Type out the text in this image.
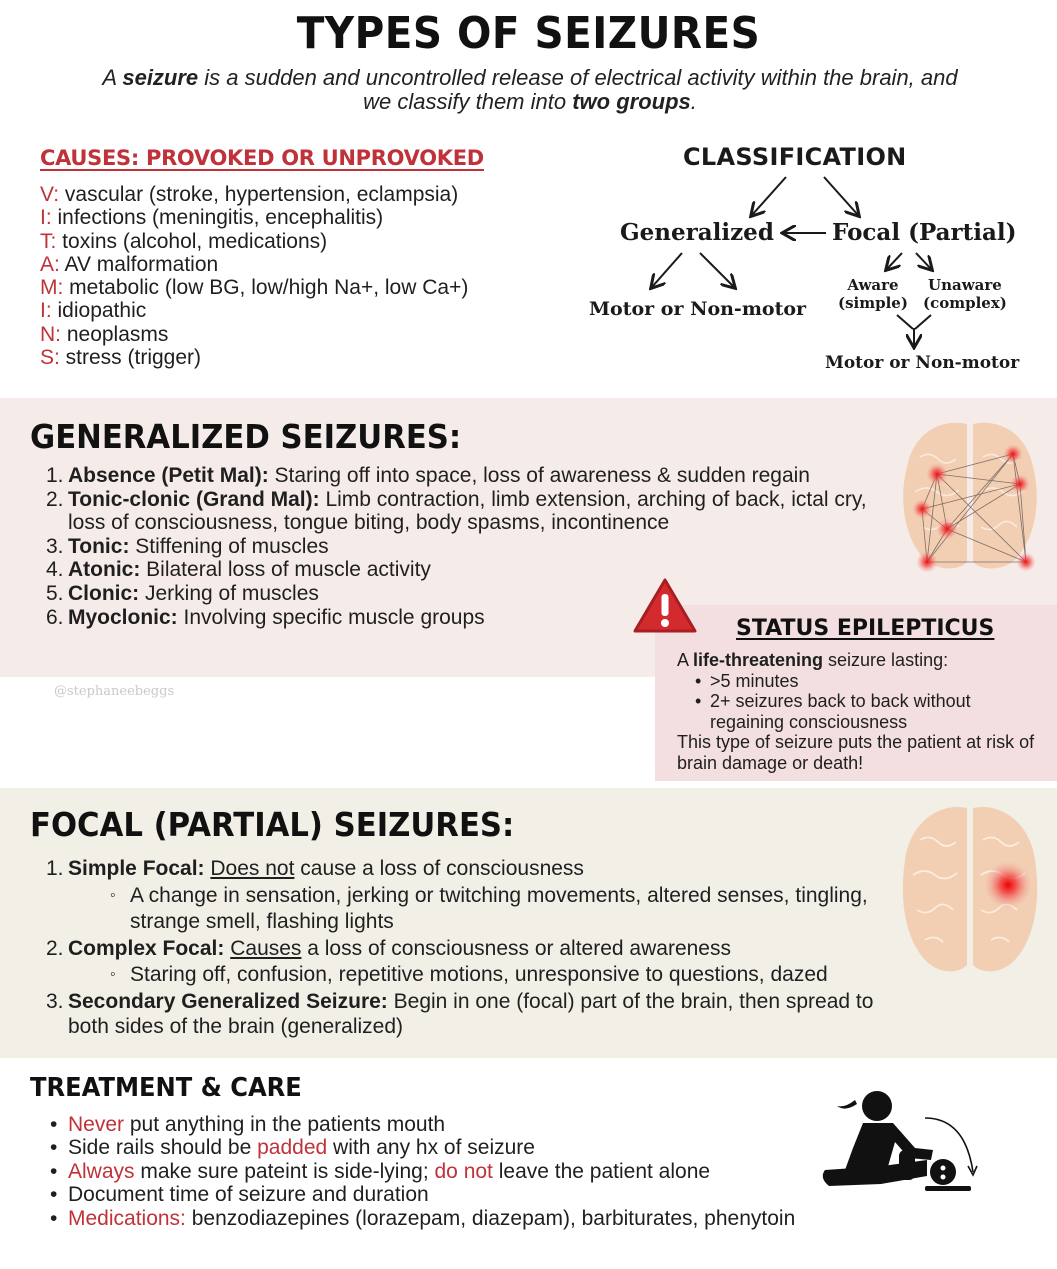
TYPES OF SEIZURES
A seizure is a sudden and uncontrolled release of electrical activity within the brain, and we classify them into two groups.
CAUSES: PROVOKED OR UNPROVOKED
V: vascular (stroke, hypertension, eclampsia)
I: infections (meningitis, encephalitis)
T: toxins (alcohol, medications)
A: AV malformation
M: metabolic (low BG, low/high Na+, low Ca+)
I: idiopathic
N: neoplasms
S: stress (trigger)
CLASSIFICATION
Generalized	Focal (Partial)
Motor or Non-motor
Aware
(simple)
Unaware
(complex)
Motor or Non-motor
GENERALIZED SEIZURES:
1. Absence (Petit Mal): Staring off into space, loss of awareness & sudden regain
2. Tonic-clonic (Grand Mal): Limb contraction, limb extension, arching of back, ictal cry, loss of consciousness, tongue biting, body spasms, incontinence
3. Tonic: Stiffening of muscles
4. Atonic: Bilateral loss of muscle activity
5. Clonic: Jerking of muscles
6. Myoclonic: Involving specific muscle groups
@stephaneebeggs
STATUS EPILEPTICUS
A life-threatening seizure lasting:
• >5 minutes
• 2+ seizures back to back without regaining consciousness
This type of seizure puts the patient at risk of brain damage or death!
FOCAL (PARTIAL) SEIZURES:
1. Simple Focal: Does not cause a loss of consciousness
◦ A change in sensation, jerking or twitching movements, altered senses, tingling, strange smell, flashing lights
2. Complex Focal: Causes a loss of consciousness or altered awareness
◦ Staring off, confusion, repetitive motions, unresponsive to questions, dazed
3. Secondary Generalized Seizure: Begin in one (focal) part of the brain, then spread to both sides of the brain (generalized)
TREATMENT & CARE
• Never put anything in the patients mouth
• Side rails should be padded with any hx of seizure
• Always make sure pateint is side-lying; do not leave the patient alone
• Document time of seizure and duration
• Medications: benzodiazepines (lorazepam, diazepam), barbiturates, phenytoin
